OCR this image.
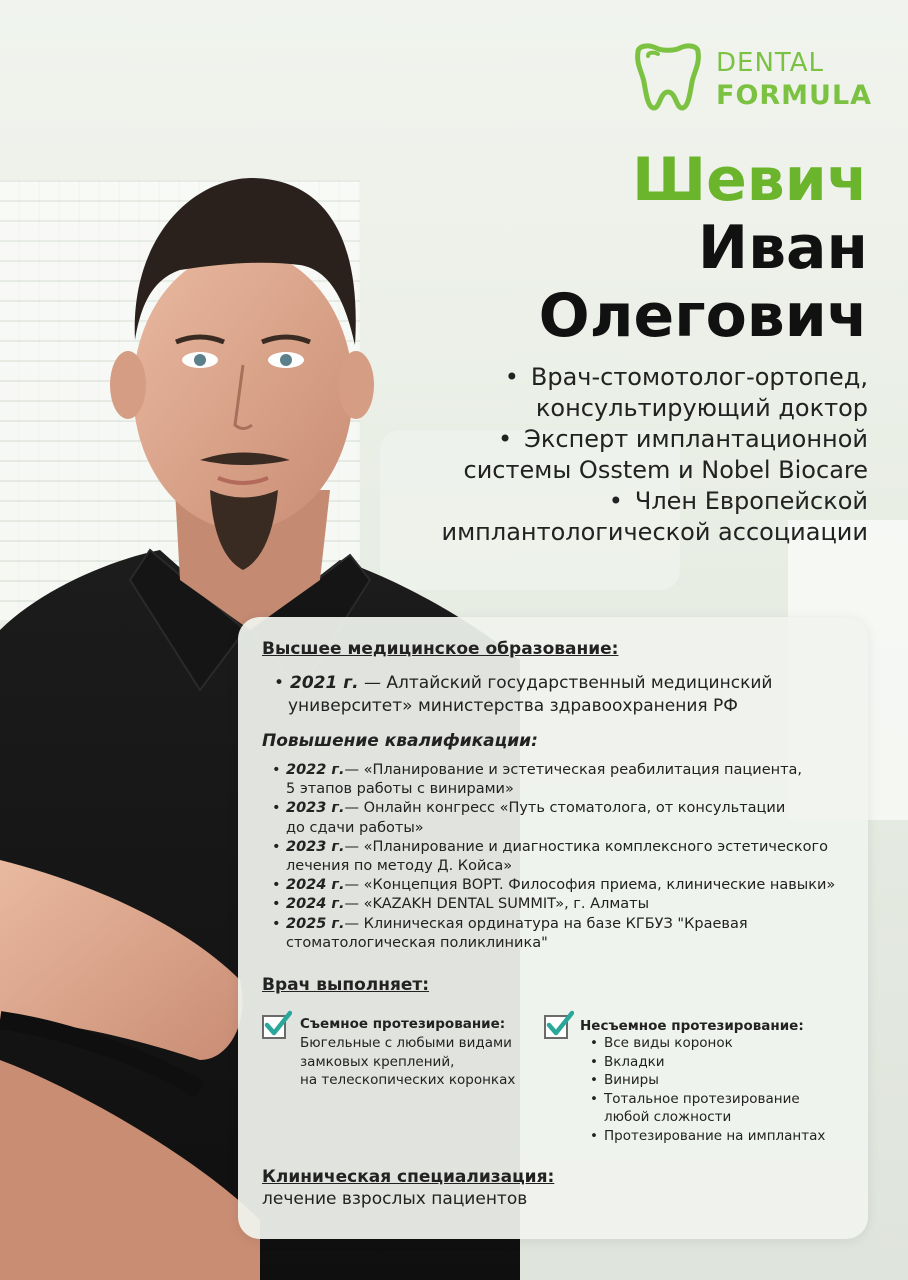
DENTAL
FORMULA
Шевич
Иван
Олегович
• Врач-стомотолог-ортопед,
консультирующий доктор
• Эксперт имплантационной
системы Osstem и Nobel Biocare
• Член Европейской
имплантологической ассоциации
Высшее медицинское образование:
• 2021 г. — Алтайский государственный медицинский
университет» министерства здравоохранения РФ
Повышение квалификации:
• 2022 г.— «Планирование и эстетическая реабилитация пациента,
5 этапов работы с винирами»
• 2023 г.— Онлайн конгресс «Путь стоматолога, от консультации
до сдачи работы»
• 2023 г.— «Планирование и диагностика комплексного эстетического
лечения по методу Д. Койса»
• 2024 г.— «Концепция BOPT. Философия приема, клинические навыки»
• 2024 г.— «KAZAKH DENTAL SUMMIT», г. Алматы
• 2025 г.— Клиническая ординатура на базе КГБУЗ "Краевая
стоматологическая поликлиника"
Врач выполняет:
Съемное протезирование:
Бюгельные с любыми видами
замковых креплений,
на телескопических коронках
Несъемное протезирование:
• Все виды коронок
• Вкладки
• Виниры
• Тотальное протезирование
любой сложности
• Протезирование на имплантах
Клиническая специализация:
лечение взрослых пациентов
